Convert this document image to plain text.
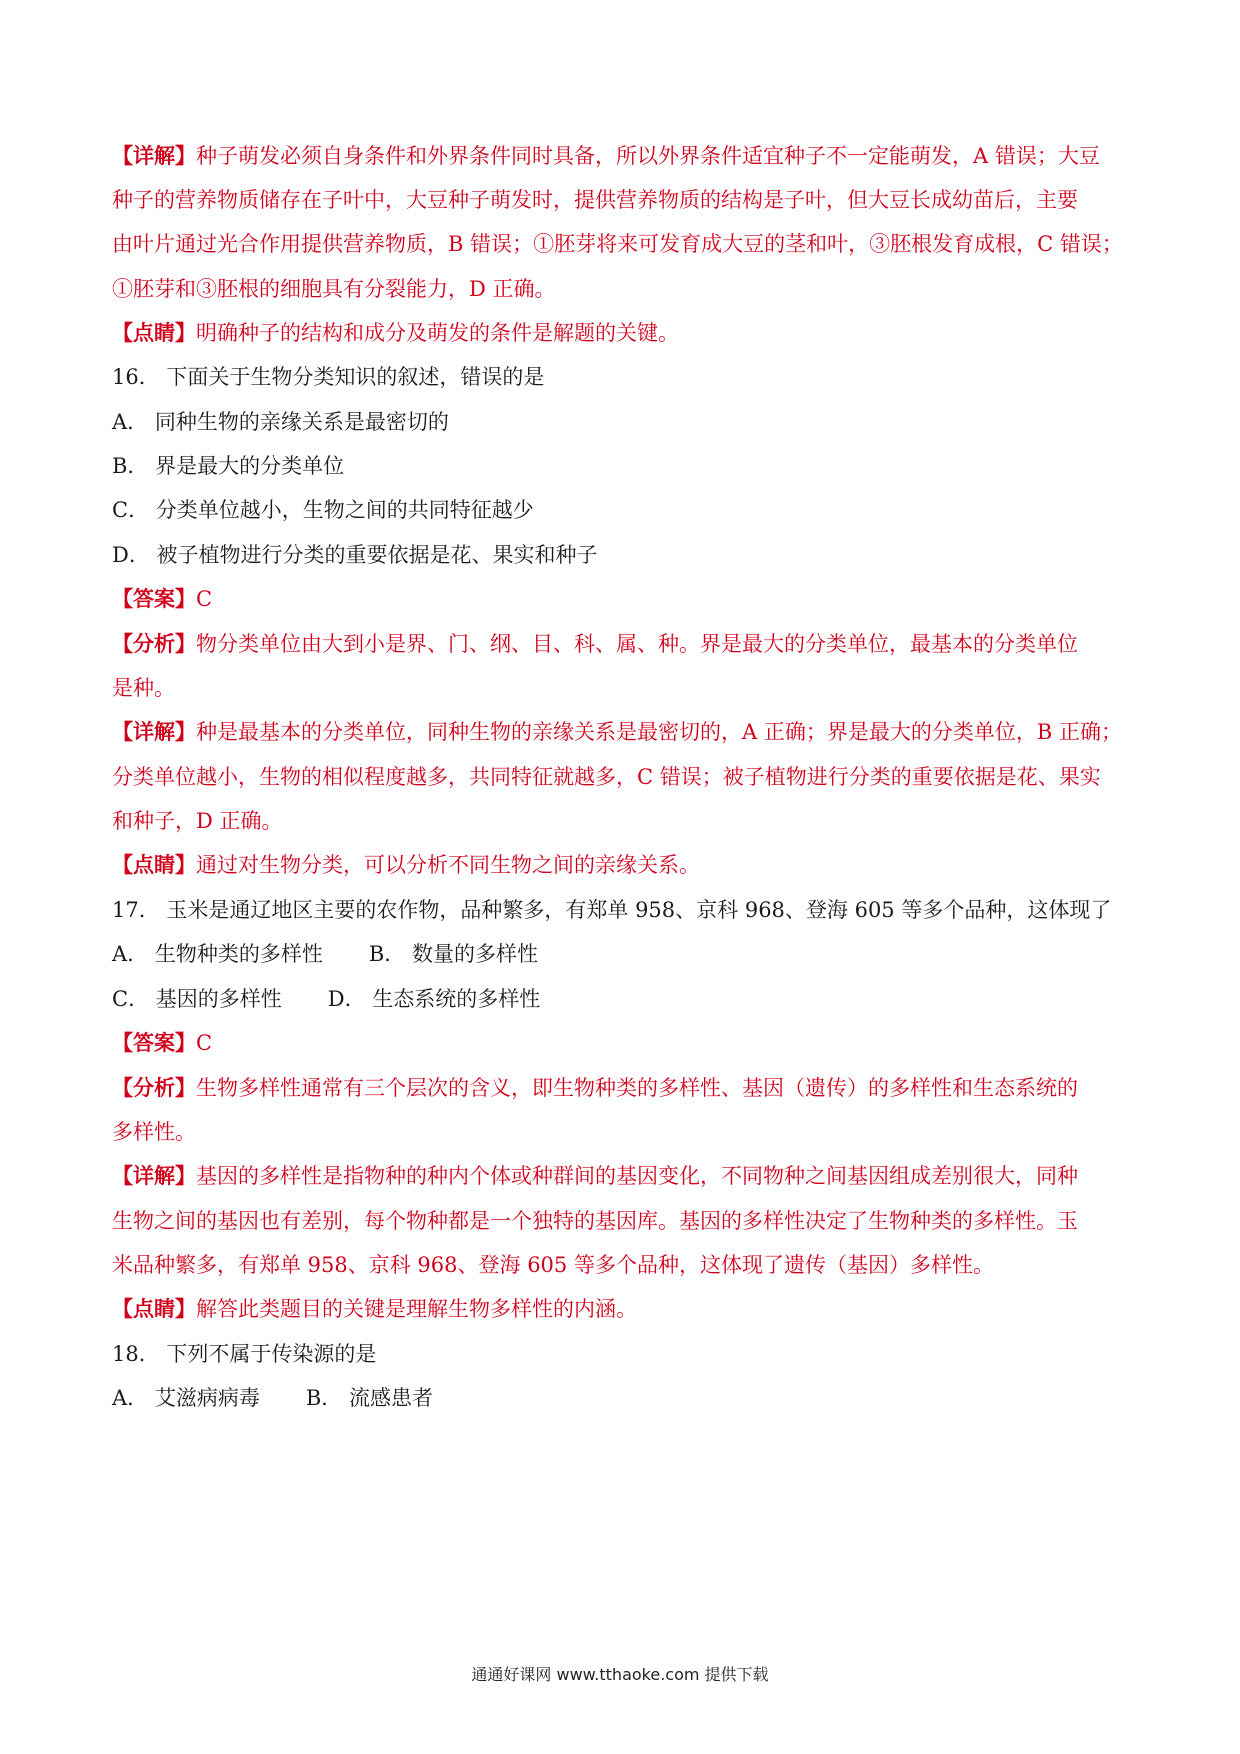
【详解】种子萌发必须自身条件和外界条件同时具备，所以外界条件适宜种子不一定能萌发，A 错误；大豆
种子的营养物质储存在子叶中，大豆种子萌发时，提供营养物质的结构是子叶，但大豆长成幼苗后，主要
由叶片通过光合作用提供营养物质，B 错误；①胚芽将来可发育成大豆的茎和叶，③胚根发育成根，C 错误；
①胚芽和③胚根的细胞具有分裂能力，D 正确。
【点睛】明确种子的结构和成分及萌发的条件是解题的关键。
16． 下面关于生物分类知识的叙述，错误的是
A． 同种生物的亲缘关系是最密切的
B． 界是最大的分类单位
C． 分类单位越小，生物之间的共同特征越少
D． 被子植物进行分类的重要依据是花、果实和种子
【答案】C
【分析】物分类单位由大到小是界、门、纲、目、科、属、种。界是最大的分类单位，最基本的分类单位
是种。
【详解】种是最基本的分类单位，同种生物的亲缘关系是最密切的，A 正确；界是最大的分类单位，B 正确；
分类单位越小，生物的相似程度越多，共同特征就越多，C 错误；被子植物进行分类的重要依据是花、果实
和种子，D 正确。
【点睛】通过对生物分类，可以分析不同生物之间的亲缘关系。
17． 玉米是通辽地区主要的农作物，品种繁多，有郑单 958、京科 968、登海 605 等多个品种，这体现了
A． 生物种类的多样性 B． 数量的多样性
C． 基因的多样性 D． 生态系统的多样性
【答案】C
【分析】生物多样性通常有三个层次的含义，即生物种类的多样性、基因（遗传）的多样性和生态系统的
多样性。
【详解】基因的多样性是指物种的种内个体或种群间的基因变化，不同物种之间基因组成差别很大，同种
生物之间的基因也有差别，每个物种都是一个独特的基因库。基因的多样性决定了生物种类的多样性。玉
米品种繁多，有郑单 958、京科 968、登海 605 等多个品种，这体现了遗传（基因）多样性。
【点睛】解答此类题目的关键是理解生物多样性的内涵。
18． 下列不属于传染源的是
A． 艾滋病病毒 B． 流感患者
通通好课网 www.tthaoke.com 提供下载
